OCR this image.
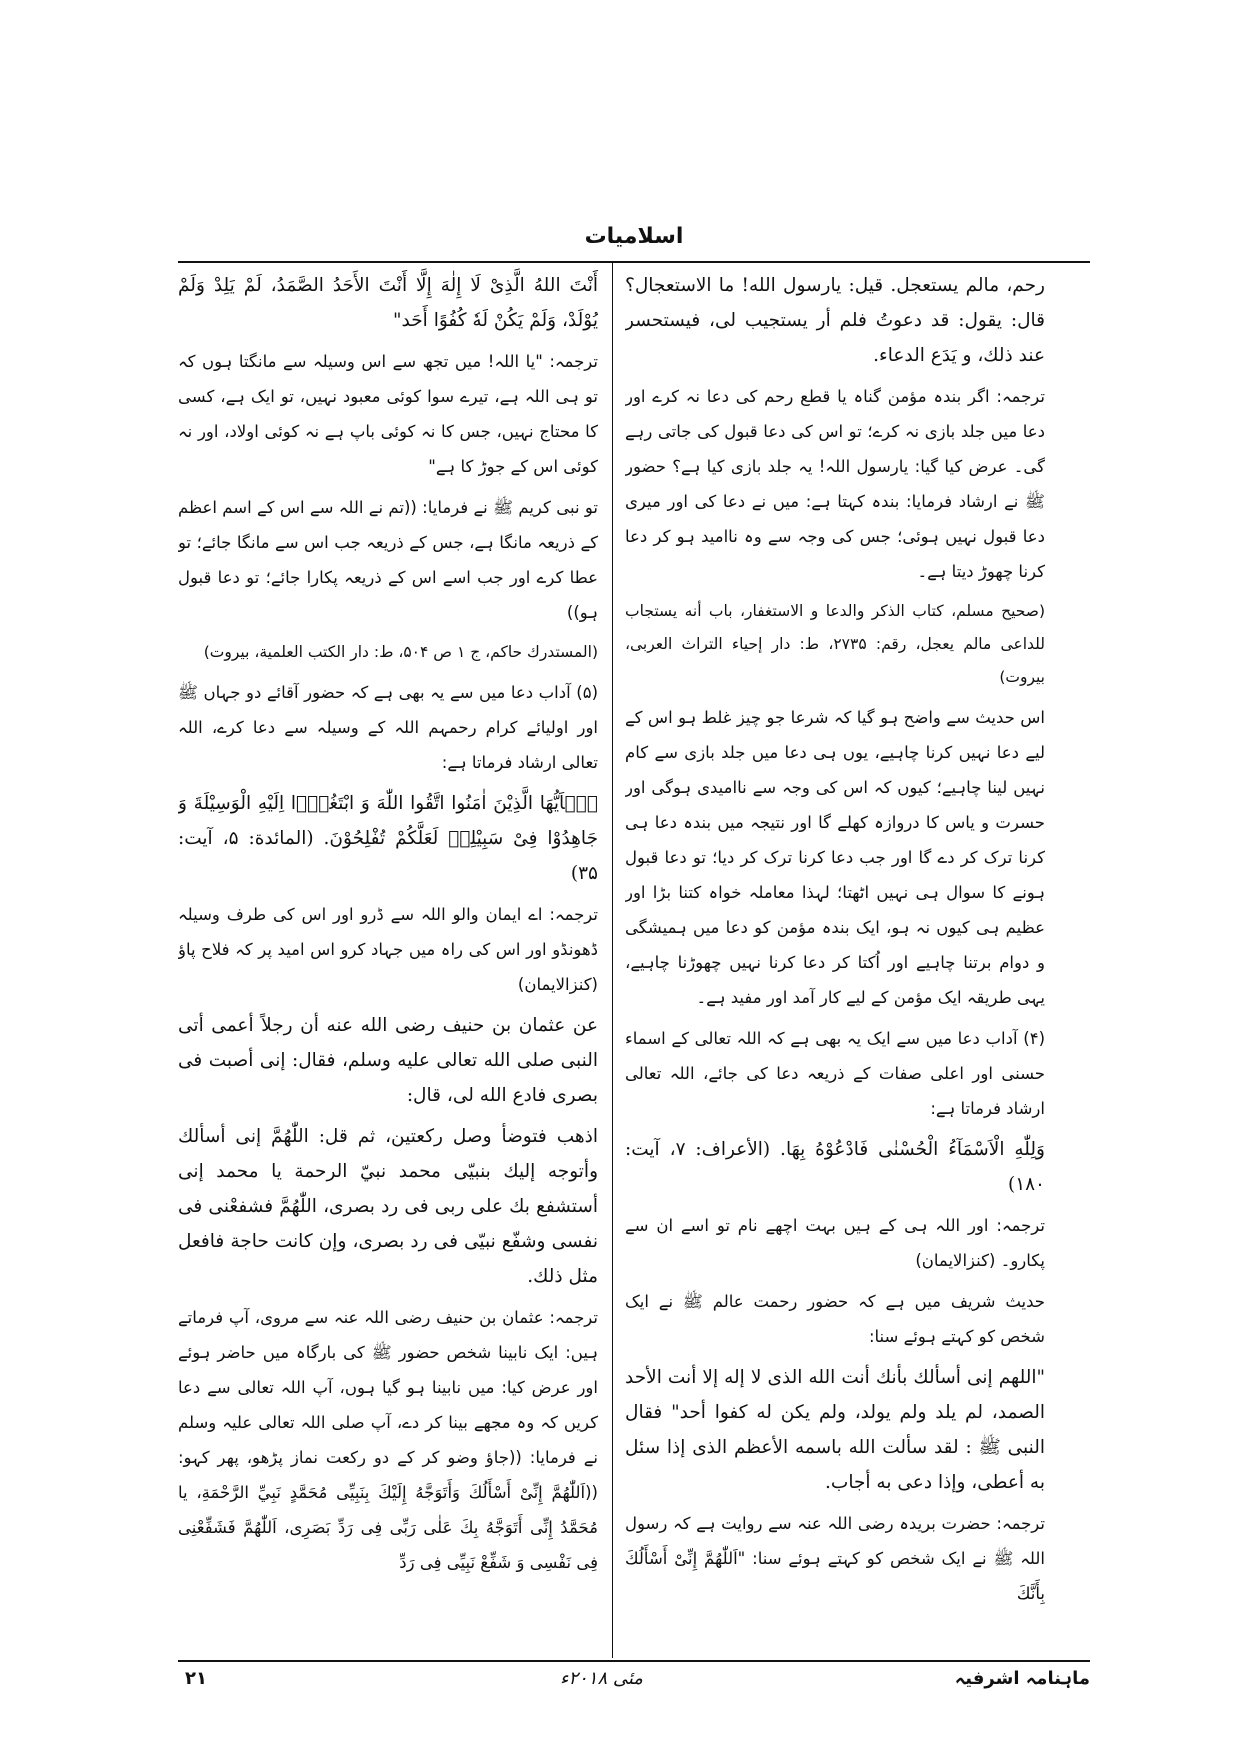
اسلامیات

رحم، مالم يستعجل. قيل: يارسول الله! ما الاستعجال؟ قال: يقول: قد دعوتُ فلم أر يستجيب لى، فيستحسر عند ذلك، و يَدَع الدعاء.

ترجمہ: اگر بندہ مؤمن گناہ یا قطع رحم کی دعا نہ کرے اور دعا میں جلد بازی نہ کرے؛ تو اس کی دعا قبول کی جاتی رہے گی۔ عرض کیا گیا: یارسول اللہ! یہ جلد بازی کیا ہے؟ حضور ﷺ نے ارشاد فرمایا: بندہ کہتا ہے: میں نے دعا کی اور میری دعا قبول نہیں ہوئی؛ جس کی وجہ سے وہ ناامید ہو کر دعا کرنا چھوڑ دیتا ہے۔

(صحیح مسلم، کتاب الذکر والدعا و الاستغفار، باب أنه يستجاب للداعى مالم يعجل، رقم: ۲۷۳۵، ط: دار إحياء التراث العربى، بیروت)

اس حدیث سے واضح ہو گیا کہ شرعا جو چیز غلط ہو اس کے لیے دعا نہیں کرنا چاہیے، یوں ہی دعا میں جلد بازی سے کام نہیں لینا چاہیے؛ کیوں کہ اس کی وجہ سے ناامیدی ہوگی اور حسرت و یاس کا دروازہ کھلے گا اور نتیجہ میں بندہ دعا ہی کرنا ترک کر دے گا اور جب دعا کرنا ترک کر دیا؛ تو دعا قبول ہونے کا سوال ہی نہیں اٹھتا؛ لہذا معاملہ خواہ کتنا بڑا اور عظیم ہی کیوں نہ ہو، ایک بندہ مؤمن کو دعا میں ہمیشگی و دوام برتنا چاہیے اور اُکتا کر دعا کرنا نہیں چھوڑنا چاہیے، یہی طریقہ ایک مؤمن کے لیے کار آمد اور مفید ہے۔

(۴) آداب دعا میں سے ایک یہ بھی ہے کہ اللہ تعالی کے اسماء حسنی اور اعلی صفات کے ذریعہ دعا کی جائے، اللہ تعالی ارشاد فرماتا ہے:

وَلِلّٰهِ الْاَسْمَآءُ الْحُسْنٰى فَادْعُوْهُ بِهَا. (الأعراف: ۷، آيت: ۱۸۰)

ترجمہ: اور اللہ ہی کے ہیں بہت اچھے نام تو اسے ان سے پکارو۔ (کنزالایمان)

حدیث شریف میں ہے کہ حضور رحمت عالم ﷺ نے ایک شخص کو کہتے ہوئے سنا:

"اللهم إنى أسألك بأنك أنت الله الذى لا إله إلا أنت الأحد الصمد، لم يلد ولم يولد، ولم يكن له كفوا أحد" فقال النبى ﷺ : لقد سألت الله باسمه الأعظم الذى إذا سئل به أعطى، وإذا دعى به أجاب.

ترجمہ: حضرت بریدہ رضی اللہ عنہ سے روایت ہے کہ رسول اللہ ﷺ نے ایک شخص کو کہتے ہوئے سنا: "اَللّٰهُمَّ إِنِّىْ أَسْأَلُكَ بِأَنَّكَ

أَنْتَ اللهُ الَّذِىْ لَا إِلٰهَ إِلَّا أَنْتَ الأَحَدُ الصَّمَدُ، لَمْ يَلِدْ وَلَمْ يُوْلَدْ، وَلَمْ يَكُنْ لَهٗ كُفُوًا أَحَد"

ترجمہ: "یا اللہ! میں تجھ سے اس وسیلہ سے مانگتا ہوں کہ تو ہی اللہ ہے، تیرے سوا کوئی معبود نہیں، تو ایک ہے، کسی کا محتاج نہیں، جس کا نہ کوئی باپ ہے نہ کوئی اولاد، اور نہ کوئی اس کے جوڑ کا ہے"

تو نبی کریم ﷺ نے فرمایا: ((تم نے اللہ سے اس کے اسم اعظم کے ذریعہ مانگا ہے، جس کے ذریعہ جب اس سے مانگا جائے؛ تو عطا کرے اور جب اسے اس کے ذریعہ پکارا جائے؛ تو دعا قبول ہو))

(المستدرك حاكم، ج ۱ ص ۵۰۴، ط: دار الكتب العلمية، بيروت)

(۵) آداب دعا میں سے یہ بھی ہے کہ حضور آقائے دو جہاں ﷺ اور اولیائے کرام رحمہم اللہ کے وسیلہ سے دعا کرے، اللہ تعالی ارشاد فرماتا ہے:

يٰۤاَيُّهَا الَّذِيْنَ اٰمَنُوا اتَّقُوا اللّٰهَ وَ ابْتَغُوْۤا اِلَيْهِ الْوَسِيْلَةَ وَ جَاهِدُوْا فِىْ سَبِيْلِهٖ لَعَلَّكُمْ تُفْلِحُوْنَ. (المائدة: ۵، آيت: ۳۵)

ترجمہ: اے ایمان والو اللہ سے ڈرو اور اس کی طرف وسیلہ ڈھونڈو اور اس کی راہ میں جہاد کرو اس امید پر کہ فلاح پاؤ (کنزالایمان)

عن عثمان بن حنيف رضى الله عنه أن رجلاً أعمى أتى النبى صلى الله تعالى عليه وسلم، فقال: إنى أصبت فى بصرى فادع الله لى، قال:

اذهب فتوضأ وصل ركعتين، ثم قل: اللّٰهُمَّ إنى أسألك وأتوجه إليك بنبيّى محمد نبيّ الرحمة يا محمد إنى أستشفع بك على ربى فى رد بصرى، اللّٰهُمَّ فشفعْنى فى نفسى وشفّع نبيّى فى رد بصرى، وإن كانت حاجة فافعل مثل ذلك.

ترجمہ: عثمان بن حنیف رضی اللہ عنہ سے مروی، آپ فرماتے ہیں: ایک نابینا شخص حضور ﷺ کی بارگاہ میں حاضر ہوئے اور عرض کیا: میں نابینا ہو گیا ہوں، آپ اللہ تعالی سے دعا کریں کہ وہ مجھے بینا کر دے، آپ صلی اللہ تعالی علیہ وسلم نے فرمایا: ((جاؤ وضو کر کے دو رکعت نماز پڑھو، پھر کہو: ((اَللّٰهُمَّ إِنِّىْ أَسْأَلُكَ وَأَتَوَجَّهُ إِلَيْكَ بِنَبِيِّى مُحَمَّدٍ نَبِيِّ الرَّحْمَةِ، يا مُحَمَّدُ إِنِّى أَتَوَجَّهُ بِكَ عَلٰى رَبِّى فِى رَدِّ بَصَرِى، اَللّٰهُمَّ فَشَفِّعْنِى فِى نَفْسِى وَ شَفِّعْ نَبِيِّى فِى رَدِّ

ماہنامہ اشرفیہ
مئی ۲۰۱۸ء
۲۱
